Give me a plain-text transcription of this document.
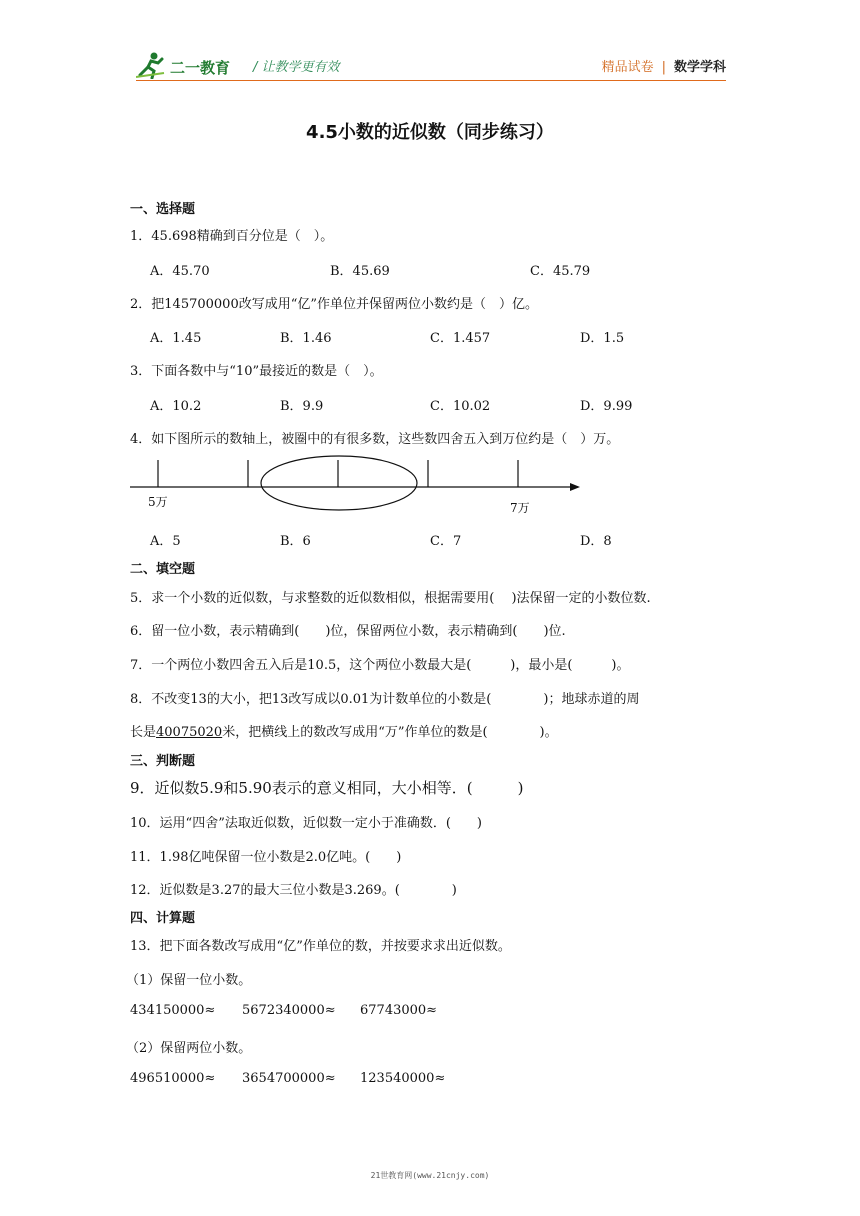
二一教育 / 让教学更有效	精品试卷 | 数学学科
4.5小数的近似数（同步练习）
一、选择题
1．45.698精确到百分位是（　）。
A．45.70	B．45.69	C．45.79
2．把145700000改写成用“亿”作单位并保留两位小数约是（　）亿。
A．1.45	B．1.46	C．1.457	D．1.5
3．下面各数中与“10”最接近的数是（　）。
A．10.2	B．9.9	C．10.02	D．9.99
4．如下图所示的数轴上，被圈中的有很多数，这些数四舍五入到万位约是（　）万。
5万	7万
A．5	B．6	C．7	D．8
二、填空题
5．求一个小数的近似数，与求整数的近似数相似，根据需要用(　 )法保留一定的小数位数.
6．留一位小数，表示精确到(　　)位，保留两位小数，表示精确到(　　)位.
7．一个两位小数四舍五入后是10.5，这个两位小数最大是(　　　)，最小是(　　　)。
8．不改变13的大小，把13改写成以0.01为计数单位的小数是(　　　　)；地球赤道的周
长是40075020米，把横线上的数改写成用“万”作单位的数是(　　　　)。
三、判断题
9．近似数5.9和5.90表示的意义相同，大小相等．(　　　)
10．运用“四舍”法取近似数，近似数一定小于准确数．(　　)
11．1.98亿吨保留一位小数是2.0亿吨。(　　)
12．近似数是3.27的最大三位小数是3.269。(　　　　)
四、计算题
13．把下面各数改写成用“亿”作单位的数，并按要求求出近似数。
（1）保留一位小数。
434150000≈ 5672340000≈ 67743000≈
（2）保留两位小数。
496510000≈ 3654700000≈ 123540000≈
21世教育网(www.21cnjy.com)
